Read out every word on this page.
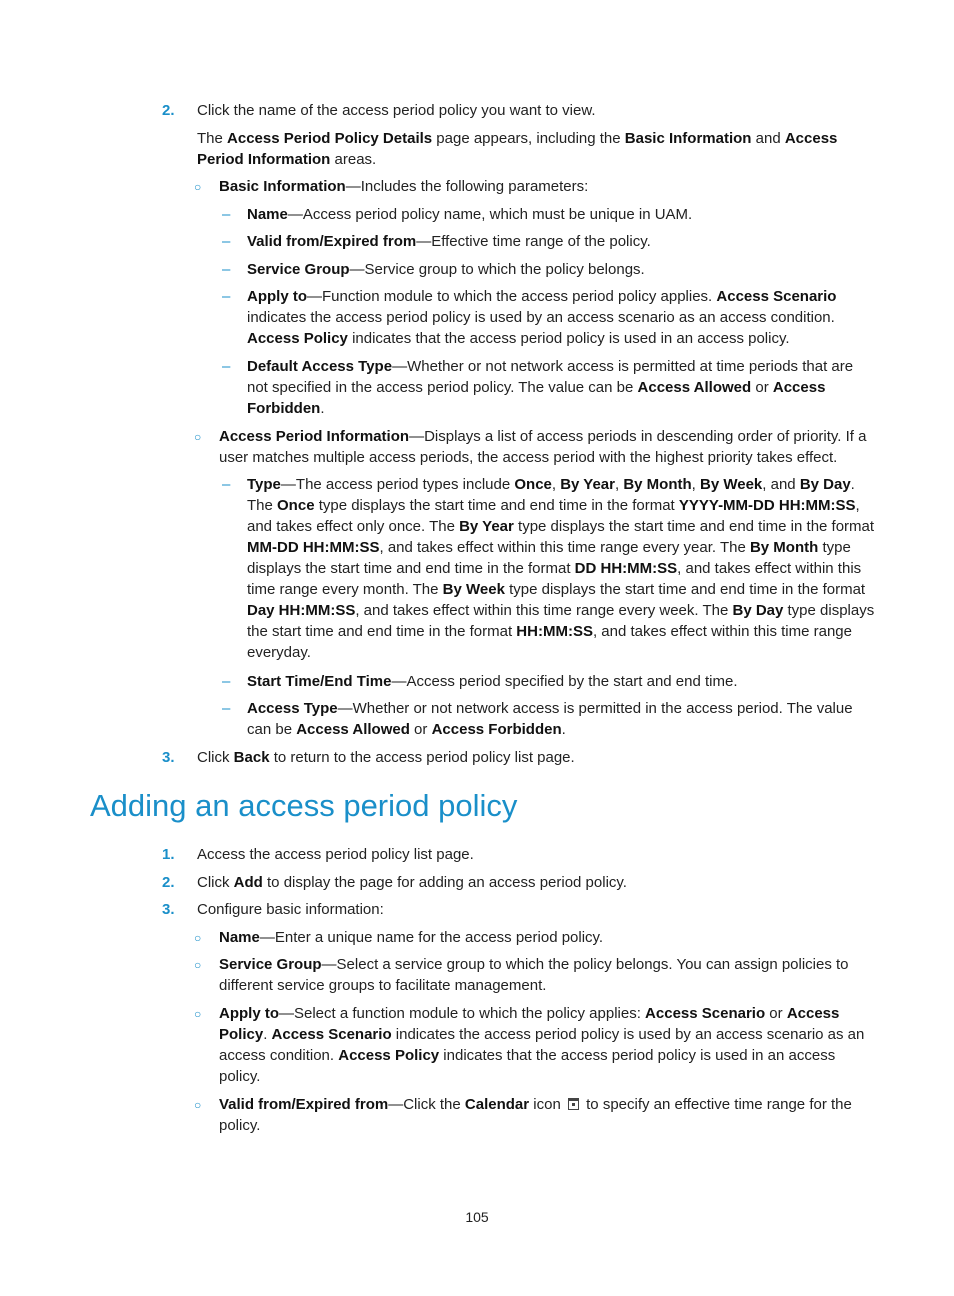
2. Click the name of the access period policy you want to view.

The Access Period Policy Details page appears, including the Basic Information and Access Period Information areas.

○ Basic Information—Includes the following parameters:

– Name—Access period policy name, which must be unique in UAM.

– Valid from/Expired from—Effective time range of the policy.

– Service Group—Service group to which the policy belongs.

– Apply to—Function module to which the access period policy applies. Access Scenario indicates the access period policy is used by an access scenario as an access condition. Access Policy indicates that the access period policy is used in an access policy.

– Default Access Type—Whether or not network access is permitted at time periods that are not specified in the access period policy. The value can be Access Allowed or Access Forbidden.

○ Access Period Information—Displays a list of access periods in descending order of priority. If a user matches multiple access periods, the access period with the highest priority takes effect.

– Type—The access period types include Once, By Year, By Month, By Week, and By Day. The Once type displays the start time and end time in the format YYYY-MM-DD HH:MM:SS, and takes effect only once. The By Year type displays the start time and end time in the format MM-DD HH:MM:SS, and takes effect within this time range every year. The By Month type displays the start time and end time in the format DD HH:MM:SS, and takes effect within this time range every month. The By Week type displays the start time and end time in the format Day HH:MM:SS, and takes effect within this time range every week. The By Day type displays the start time and end time in the format HH:MM:SS, and takes effect within this time range everyday.

– Start Time/End Time—Access period specified by the start and end time.

– Access Type—Whether or not network access is permitted in the access period. The value can be Access Allowed or Access Forbidden.

3. Click Back to return to the access period policy list page.

Adding an access period policy
1. Access the access period policy list page.

2. Click Add to display the page for adding an access period policy.

3. Configure basic information:

○ Name—Enter a unique name for the access period policy.

○ Service Group—Select a service group to which the policy belongs. You can assign policies to different service groups to facilitate management.

○ Apply to—Select a function module to which the policy applies: Access Scenario or Access Policy. Access Scenario indicates the access period policy is used by an access scenario as an access condition. Access Policy indicates that the access period policy is used in an access policy.

○ Valid from/Expired from—Click the Calendar icon  to specify an effective time range for the policy.

105
